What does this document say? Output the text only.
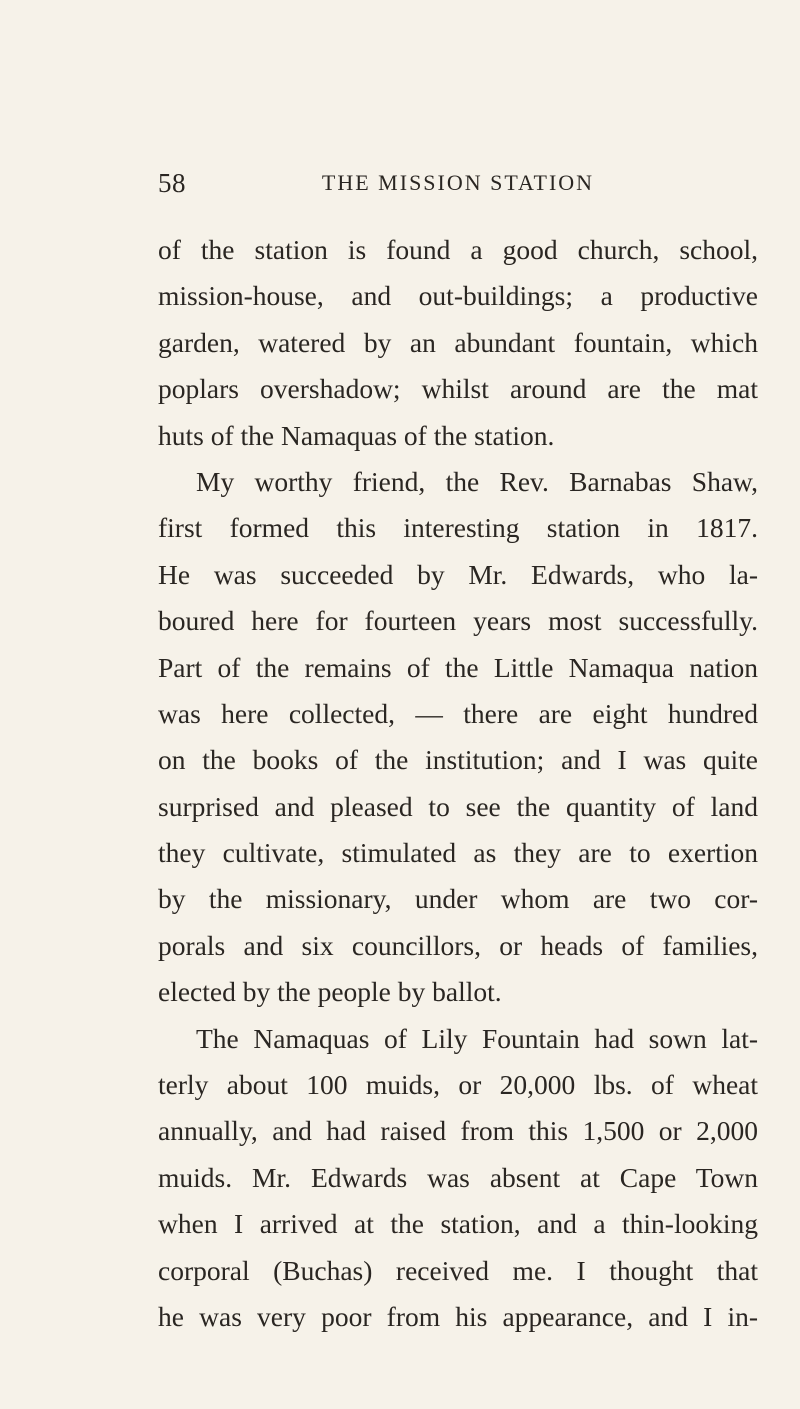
58	THE MISSION STATION
of the station is found a good church, school,
mission-house, and out-buildings; a productive
garden, watered by an abundant fountain, which
poplars overshadow; whilst around are the mat
huts of the Namaquas of the station.
My worthy friend, the Rev. Barnabas Shaw,
first formed this interesting station in 1817.
He was succeeded by Mr. Edwards, who la-
boured here for fourteen years most successfully.
Part of the remains of the Little Namaqua nation
was here collected, — there are eight hundred
on the books of the institution; and I was quite
surprised and pleased to see the quantity of land
they cultivate, stimulated as they are to exertion
by the missionary, under whom are two cor-
porals and six councillors, or heads of families,
elected by the people by ballot.
The Namaquas of Lily Fountain had sown lat-
terly about 100 muids, or 20,000 lbs. of wheat
annually, and had raised from this 1,500 or 2,000
muids. Mr. Edwards was absent at Cape Town
when I arrived at the station, and a thin-looking
corporal (Buchas) received me. I thought that
he was very poor from his appearance, and I in-
